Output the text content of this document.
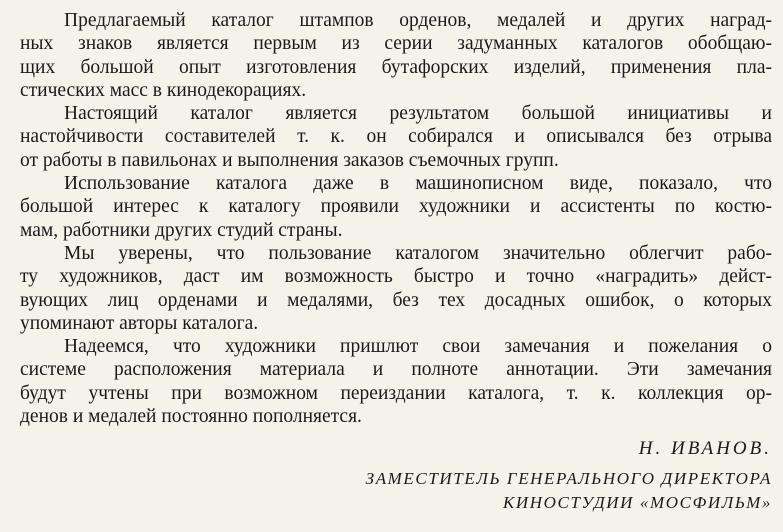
Предлагаемый каталог штампов орденов, медалей и других наград-
ных знаков является первым из серии задуманных каталогов обобщаю-
щих большой опыт изготовления бутафорских изделий, применения пла-
стических масс в кинодекорациях.
Настоящий каталог является результатом большой инициативы и
настойчивости составителей т. к. он собирался и описывался без отрыва
от работы в павильонах и выполнения заказов съемочных групп.
Использование каталога даже в машинописном виде, показало, что
большой интерес к каталогу проявили художники и ассистенты по костю-
мам, работники других студий страны.
Мы уверены, что пользование каталогом значительно облегчит рабо-
ту художников, даст им возможность быстро и точно «наградить» дейст-
вующих лиц орденами и медалями, без тех досадных ошибок, о которых
упоминают авторы каталога.
Надеемся, что художники пришлют свои замечания и пожелания о
системе расположения материала и полноте аннотации. Эти замечания
будут учтены при возможном переиздании каталога, т. к. коллекция ор-
денов и медалей постоянно пополняется.
Н. ИВАНОВ.
ЗАМЕСТИТЕЛЬ ГЕНЕРАЛЬНОГО ДИРЕКТОРА
КИНОСТУДИИ «МОСФИЛЬМ»
